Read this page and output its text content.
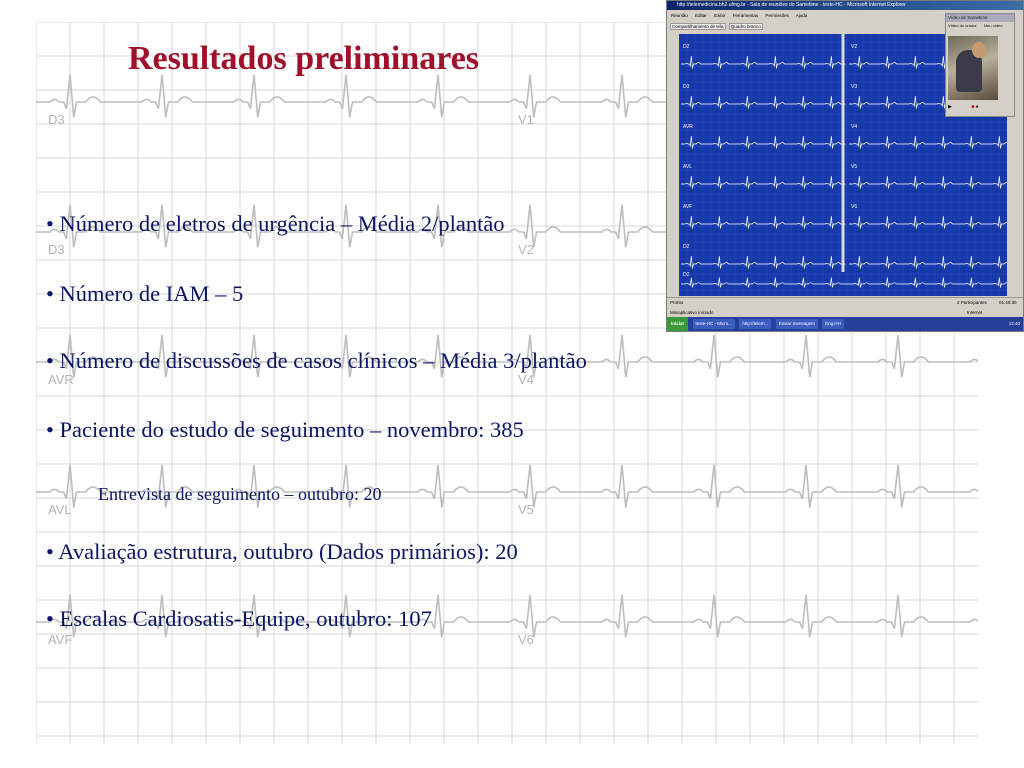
D3	V1
D3	V2
AVR	V4
AVL	V5
AVF	V6
Resultados preliminares
• Número de eletros de urgência – Média 2/plantão
• Número de IAM – 5
• Número de discussões de casos clínicos – Média 3/plantão
• Paciente do estudo de seguimento – novembro: 385
Entrevista de seguimento – outubro: 20
• Avaliação estrutura, outubro (Dados primários): 20
• Escalas Cardiosatis-Equipe, outubro: 107
http://telemedicina.bh2.ufmg.br - Sala de reuniões do Sametime - teste-HC - Microsoft Internet Explorer
Reunião Editar Exibir Ferramentas Permissões Ajuda
Compartilhamento de tela Quadro branco
D2	V2
D3	V3
AVR	V4
AVL	V5
AVF	V6
D2
D2
Vídeo de Sametime
Vídeo do orador Meu vídeo
▶	■ ●
Pronto	2 Participantes	01:40:30
Miniaplicativo iniciado	Internet
Iniciar	teste-HC - Micro... http://telem... Enviar mensagem Eng.HH	12:40
